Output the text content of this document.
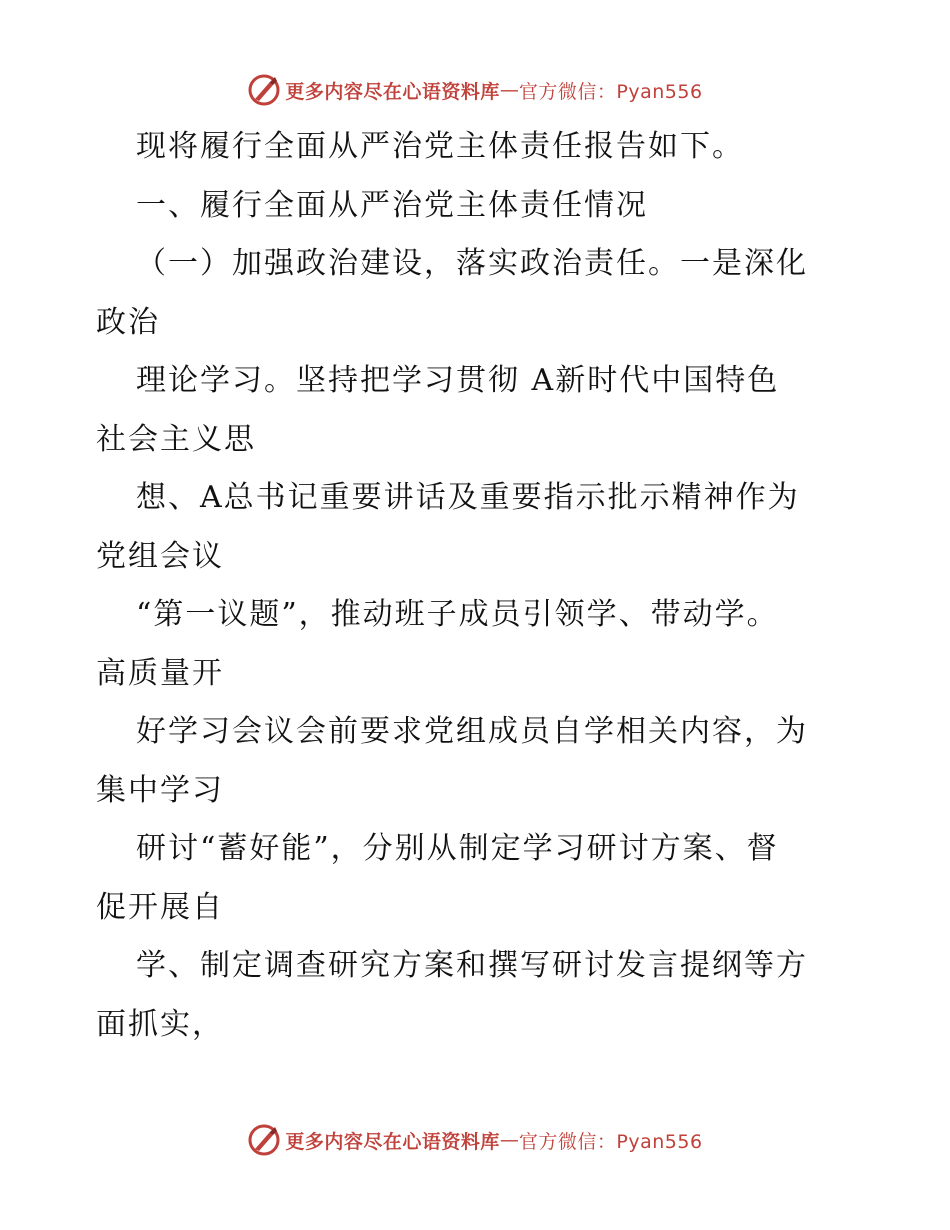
更多内容尽在心语资料库 — 官方微信：Pyan556
现将履行全面从严治党主体责任报告如下。
一、履行全面从严治党主体责任情况
（一）加强政治建设，落实政治责任。一是深化
政治
理论学习。坚持把学习贯彻 A新时代中国特色
社会主义思
想、A总书记重要讲话及重要指示批示精神作为
党组会议
“第一议题”，推动班子成员引领学、带动学。
高质量开
好学习会议会前要求党组成员自学相关内容，为
集中学习
研讨“蓄好能”，分别从制定学习研讨方案、督
促开展自
学、制定调查研究方案和撰写研讨发言提纲等方
面抓实，
更多内容尽在心语资料库 — 官方微信：Pyan556
